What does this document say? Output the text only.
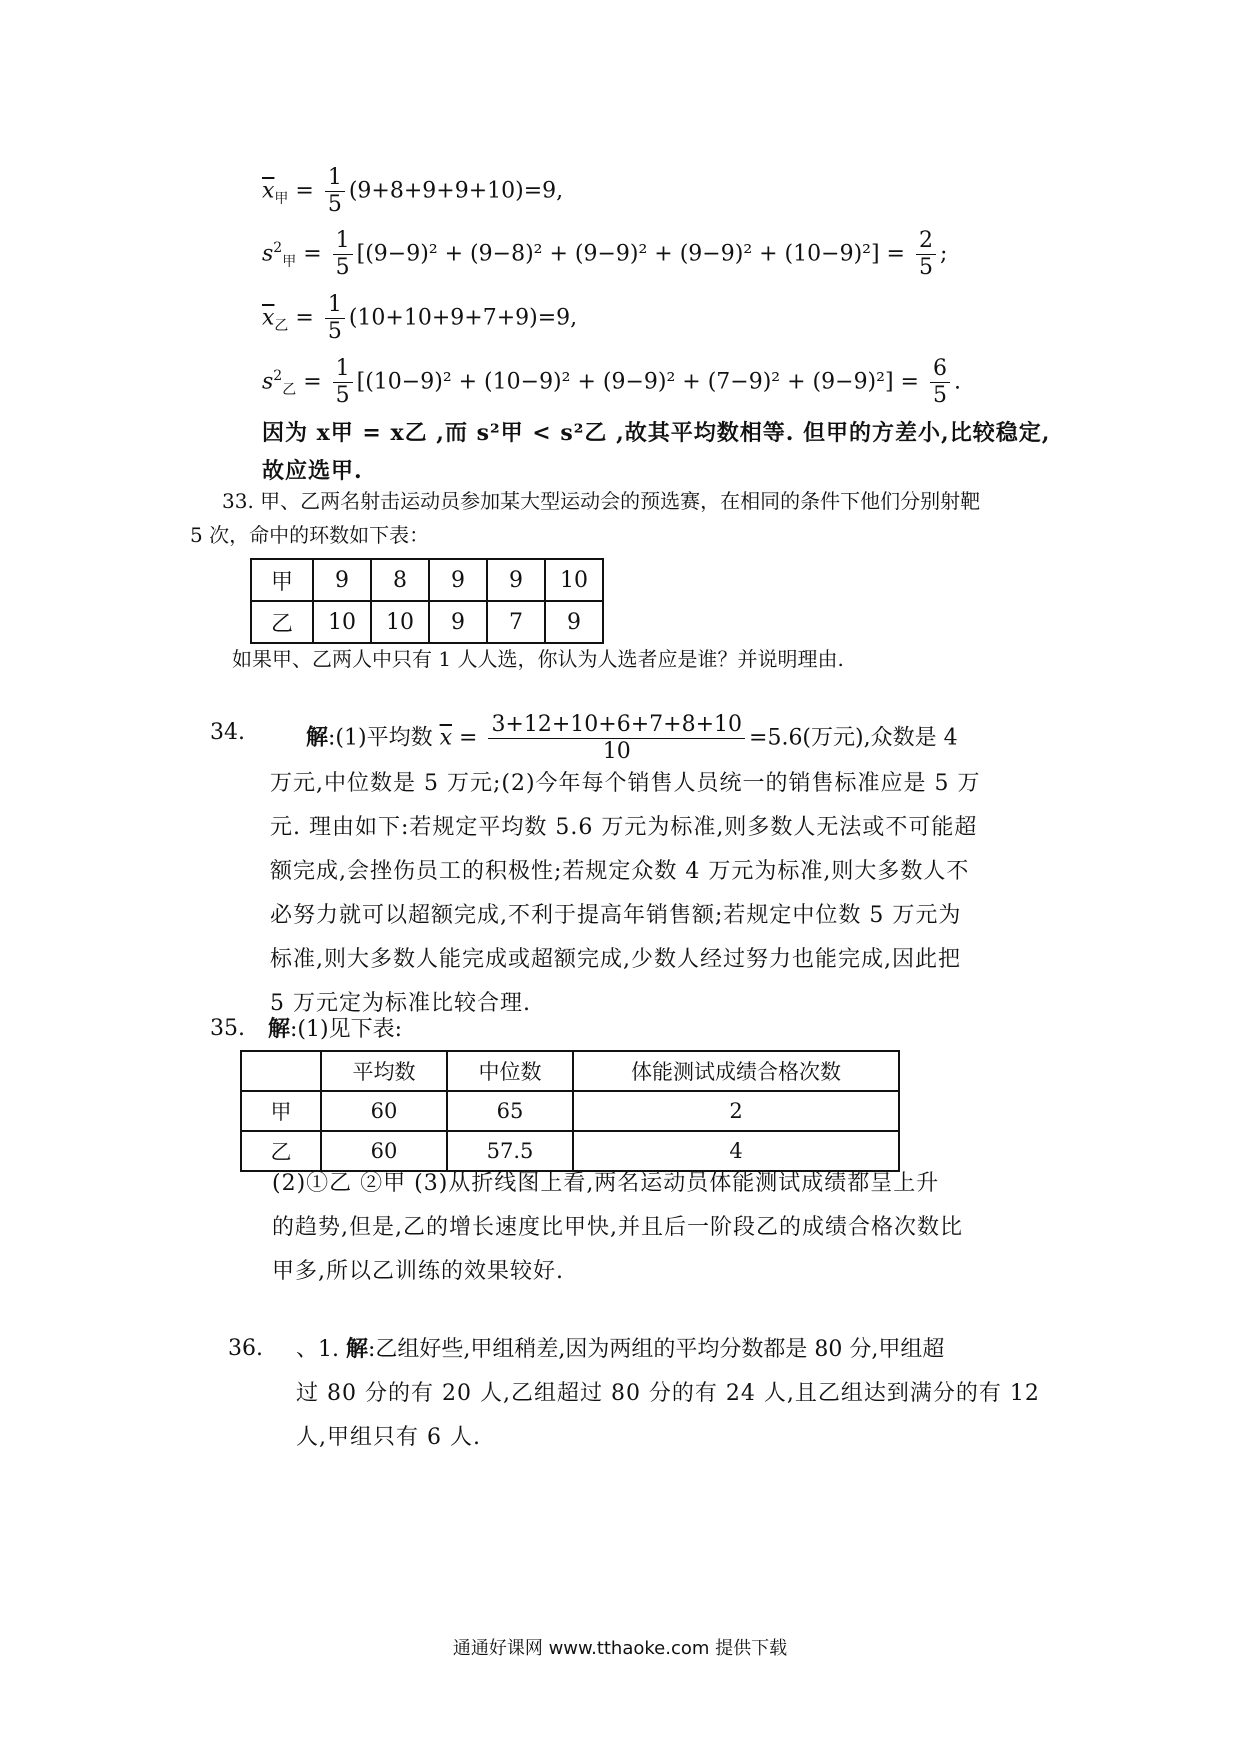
$\overline{x}_甲 = \frac{1}{5} (9+8+9+9+10)=9$,
$s^2_甲 = \frac{1}{5} [(9-9)^2 + (9-8)^2 + (9-9)^2 + (9-9)^2 + (10-9)^2] = \frac{2}{5}$ ;
$\overline{x}_乙 = \frac{1}{5} (10+10+9+7+9)=9$,
$s^2_乙 = \frac{1}{5} [(10-9)^2 + (10-9)^2 + (9-9)^2 + (7-9)^2 + (9-9)^2] = \frac{6}{5}$ .
因为 x甲 = x乙 ,而 s²甲 < s²乙 ,故其平均数相等. 但甲的方差小,比较稳定,
故应选甲.
33. 甲、乙两名射击运动员参加某大型运动会的预选赛，在相同的条件下他们分别射靶
5 次，命中的环数如下表：
甲	9	8	9	9	10
乙	10	10	9	7	9
如果甲、乙两人中只有 1 人人选，你认为人选者应是谁？并说明理由.
34.	解:(1)平均数 $\overline{x} = \frac{3+12+10+6+7+8+10}{10} =5.6$(万元),众数是 4
万元,中位数是 5 万元;(2)今年每个销售人员统一的销售标准应是 5 万
元. 理由如下:若规定平均数 5.6 万元为标准,则多数人无法或不可能超
额完成,会挫伤员工的积极性;若规定众数 4 万元为标准,则大多数人不
必努力就可以超额完成,不利于提高年销售额;若规定中位数 5 万元为
标准,则大多数人能完成或超额完成,少数人经过努力也能完成,因此把
5 万元定为标准比较合理.
35. 解:(1)见下表:
	平均数	中位数	体能测试成绩合格次数
甲	60	65	2
乙	60	57.5	4
(2)①乙 ②甲 (3)从折线图上看,两名运动员体能测试成绩都呈上升
的趋势,但是,乙的增长速度比甲快,并且后一阶段乙的成绩合格次数比
甲多,所以乙训练的效果较好.
36. 、1. 解:乙组好些,甲组稍差,因为两组的平均分数都是 80 分,甲组超
过 80 分的有 20 人,乙组超过 80 分的有 24 人,且乙组达到满分的有 12
人,甲组只有 6 人.
通通好课网 www.tthaoke.com 提供下载
